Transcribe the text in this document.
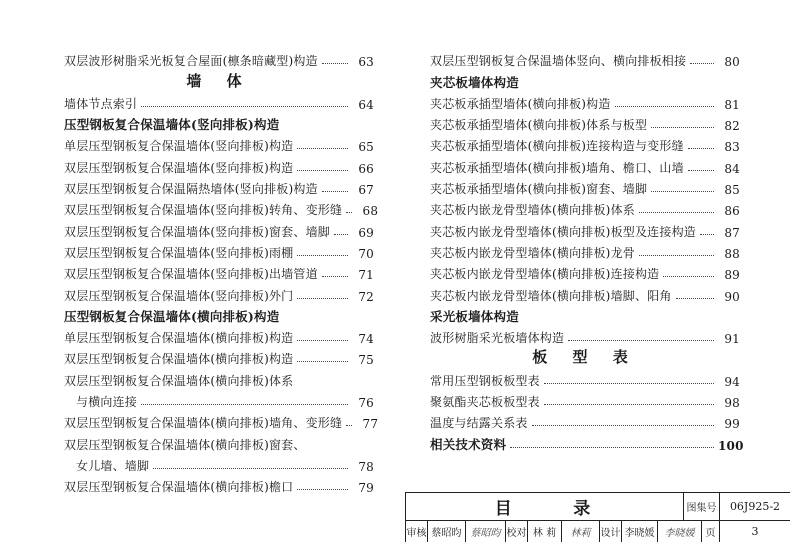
双层波形树脂采光板复合屋面(檩条暗藏型)构造	63
墙 体
墙体节点索引	64
压型钢板复合保温墙体(竖向排板)构造
单层压型钢板复合保温墙体(竖向排板)构造	65
双层压型钢板复合保温墙体(竖向排板)构造	66
双层压型钢板复合保温隔热墙体(竖向排板)构造	67
双层压型钢板复合保温墙体(竖向排板)转角、变形缝	68
双层压型钢板复合保温墙体(竖向排板)窗套、墙脚	69
双层压型钢板复合保温墙体(竖向排板)雨棚	70
双层压型钢板复合保温墙体(竖向排板)出墙管道	71
双层压型钢板复合保温墙体(竖向排板)外门	72
压型钢板复合保温墙体(横向排板)构造
单层压型钢板复合保温墙体(横向排板)构造	74
双层压型钢板复合保温墙体(横向排板)构造	75
双层压型钢板复合保温墙体(横向排板)体系
与横向连接	76
双层压型钢板复合保温墙体(横向排板)墙角、变形缝	77
双层压型钢板复合保温墙体(横向排板)窗套、
女儿墙、墙脚	78
双层压型钢板复合保温墙体(横向排板)檐口	79
双层压型钢板复合保温墙体竖向、横向排板相接	80
夹芯板墙体构造
夹芯板承插型墙体(横向排板)构造	81
夹芯板承插型墙体(横向排板)体系与板型	82
夹芯板承插型墙体(横向排板)连接构造与变形缝	83
夹芯板承插型墙体(横向排板)墙角、檐口、山墙	84
夹芯板承插型墙体(横向排板)窗套、墙脚	85
夹芯板内嵌龙骨型墙体(横向排板)体系	86
夹芯板内嵌龙骨型墙体(横向排板)板型及连接构造	87
夹芯板内嵌龙骨型墙体(横向排板)龙骨	88
夹芯板内嵌龙骨型墙体(横向排板)连接构造	89
夹芯板内嵌龙骨型墙体(横向排板)墙脚、阳角	90
采光板墙体构造
波形树脂采光板墙体构造	91
板 型 表
常用压型钢板板型表	94
聚氨酯夹芯板板型表	98
温度与结露关系表	99
相关技术资料	100
目	录	图集号	06J925-2
审核 蔡昭昀 蔡昭昀 校对 林 莉	林莉	设计 李晓媛	李晓媛	页	3
